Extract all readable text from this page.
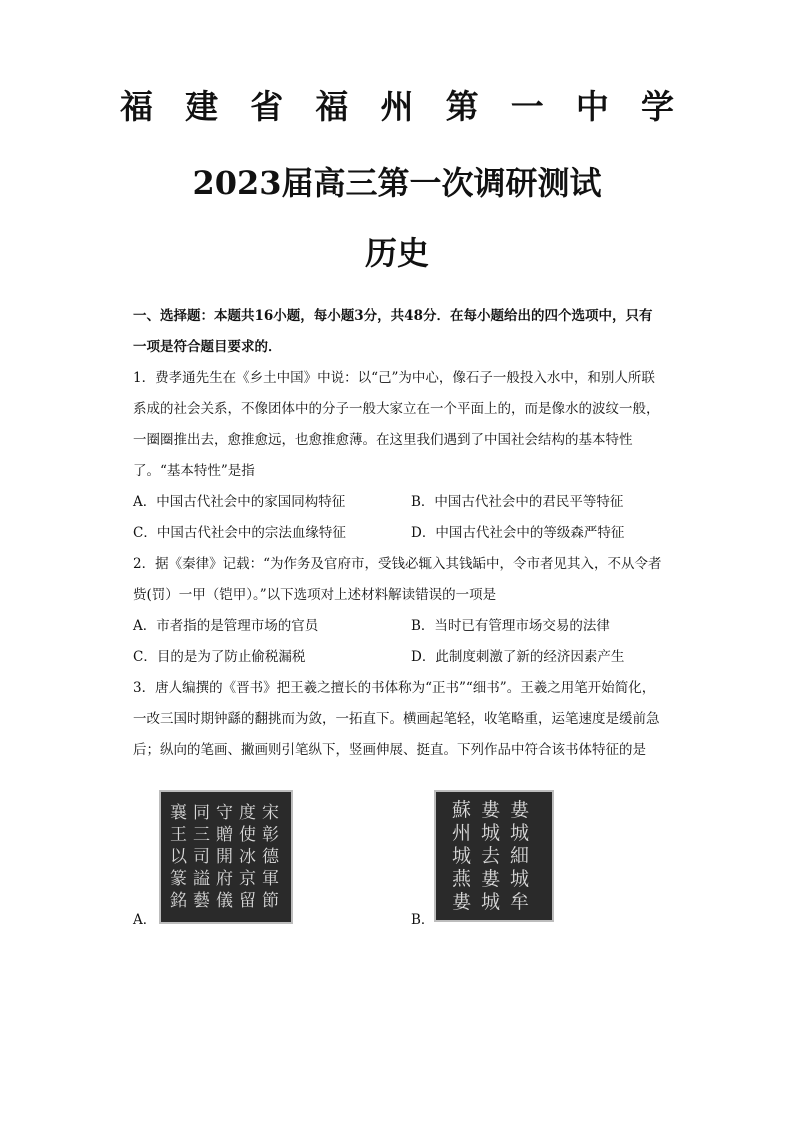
福 建 省 福 州 第 一 中 学
2023届高三第一次调研测试
历史

一、选择题：本题共16小题，每小题3分，共48分．在每小题给出的四个选项中，只有一项是符合题目要求的．

1．费孝通先生在《乡土中国》中说：以“己”为中心，像石子一般投入水中，和别人所联系成的社会关系，不像团体中的分子一般大家立在一个平面上的，而是像水的波纹一般，一圈圈推出去，愈推愈远，也愈推愈薄。在这里我们遇到了中国社会结构的基本特性了。“基本特性”是指

A．中国古代社会中的家国同构特征	B．中国古代社会中的君民平等特征
C．中国古代社会中的宗法血缘特征	D．中国古代社会中的等级森严特征

2．据《秦律》记载：“为作务及官府市，受钱必辄入其钱缿中，令市者见其入，不从令者赀(罚）一甲（铠甲）。”以下选项对上述材料解读错误的一项是

A．市者指的是管理市场的官员	B．当时已有管理市场交易的法律
C．目的是为了防止偷税漏税	D．此制度刺激了新的经济因素产生

3．唐人编撰的《晋书》把王羲之擅长的书体称为“正书”“细书”。王羲之用笔开始简化，一改三国时期钟繇的翻挑而为敛，一拓直下。横画起笔轻，收笔略重，运笔速度是缓前急后；纵向的笔画、撇画则引笔纵下，竖画伸展、挺直。下列作品中符合该书体特征的是

A．
宋彰德軍節
度使冰京留
守贈開府儀
同三司謚藝
襄王以篆銘
B．
婁城細城牟
婁城去婁城
蘇州城燕婁
